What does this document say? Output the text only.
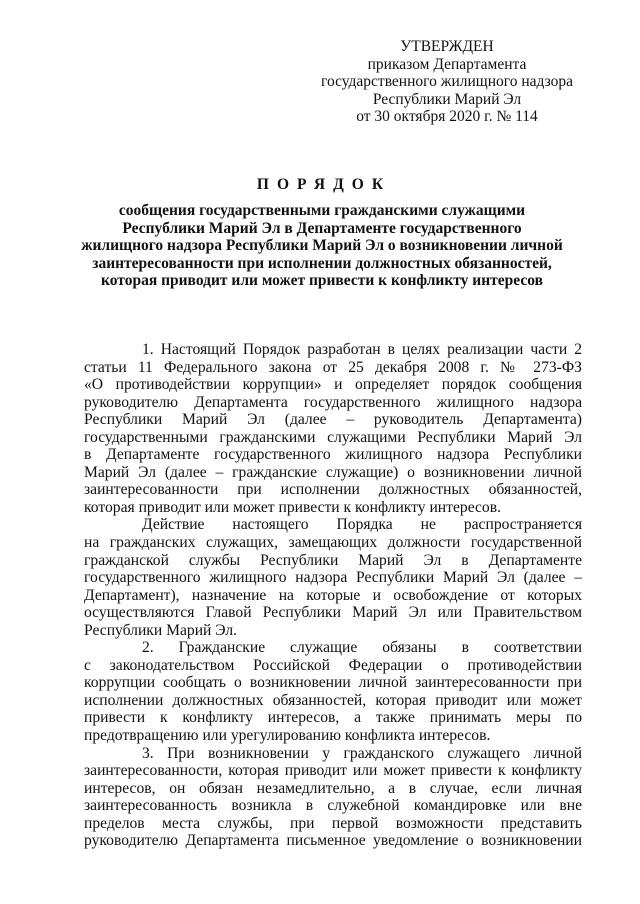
УТВЕРЖДЕН
приказом Департамента
государственного жилищного надзора
Республики Марий Эл
от 30 октября 2020 г. № 114
ПОРЯДОК
сообщения государственными гражданскими служащими
Республики Марий Эл в Департаменте государственного
жилищного надзора Республики Марий Эл о возникновении личной
заинтересованности при исполнении должностных обязанностей,
которая приводит или может привести к конфликту интересов
1. Настоящий Порядок разработан в целях реализации части 2
статьи 11 Федерального закона от 25 декабря 2008 г. № 273-ФЗ
«О противодействии коррупции» и определяет порядок сообщения
руководителю Департамента государственного жилищного надзора
Республики Марий Эл (далее – руководитель Департамента)
государственными гражданскими служащими Республики Марий Эл
в Департаменте государственного жилищного надзора Республики
Марий Эл (далее – гражданские служащие) о возникновении личной
заинтересованности при исполнении должностных обязанностей,
которая приводит или может привести к конфликту интересов.
Действие настоящего Порядка не распространяется
на гражданских служащих, замещающих должности государственной
гражданской службы Республики Марий Эл в Департаменте
государственного жилищного надзора Республики Марий Эл (далее –
Департамент), назначение на которые и освобождение от которых
осуществляются Главой Республики Марий Эл или Правительством
Республики Марий Эл.
2. Гражданские служащие обязаны в соответствии
с законодательством Российской Федерации о противодействии
коррупции сообщать о возникновении личной заинтересованности при
исполнении должностных обязанностей, которая приводит или может
привести к конфликту интересов, а также принимать меры по
предотвращению или урегулированию конфликта интересов.
3. При возникновении у гражданского служащего личной
заинтересованности, которая приводит или может привести к конфликту
интересов, он обязан незамедлительно, а в случае, если личная
заинтересованность возникла в служебной командировке или вне
пределов места службы, при первой возможности представить
руководителю Департамента письменное уведомление о возникновении
